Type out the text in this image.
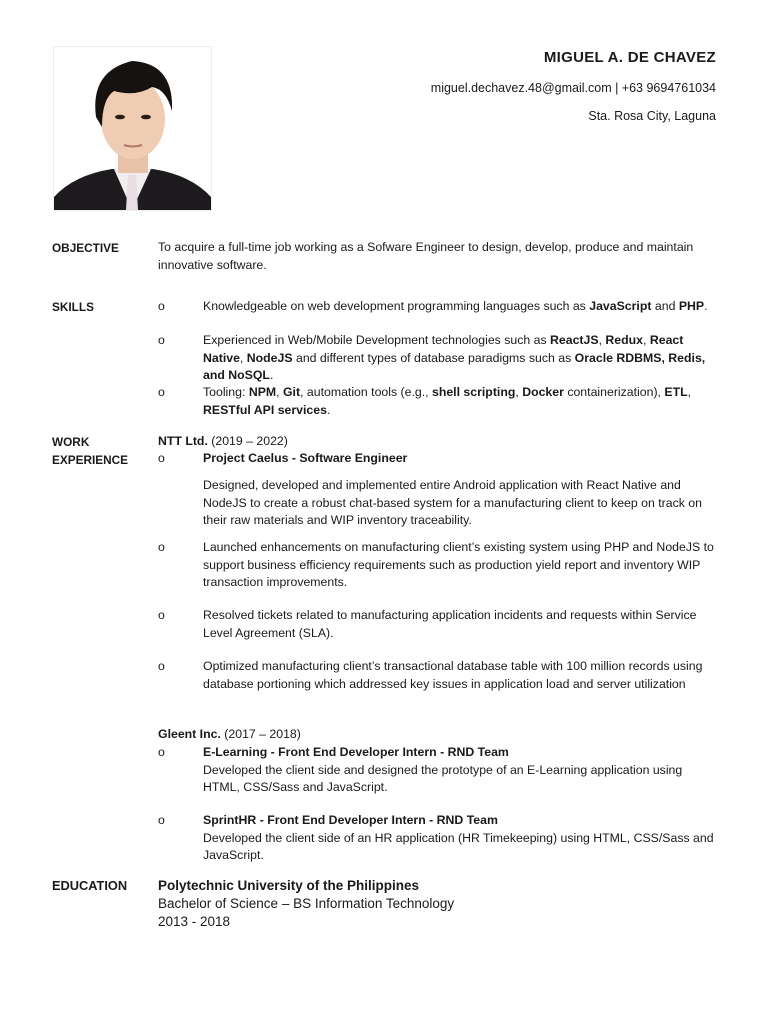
MIGUEL A. DE CHAVEZ
miguel.dechavez.48@gmail.com | +63 9694761034
Sta. Rosa City, Laguna
OBJECTIVE	To acquire a full-time job working as a Sofware Engineer to design, develop, produce and maintain innovative software.
SKILLS	o	Knowledgeable on web development programming languages such as JavaScript and PHP.
o	Experienced in Web/Mobile Development technologies such as ReactJS, Redux, React Native, NodeJS and different types of database paradigms such as Oracle RDBMS, Redis, and NoSQL.
o	Tooling: NPM, Git, automation tools (e.g., shell scripting, Docker containerization), ETL, RESTful API services.
WORK
EXPERIENCE
NTT Ltd. (2019 – 2022)
o	Project Caelus - Software Engineer
Designed, developed and implemented entire Android application with React Native and NodeJS to create a robust chat-based system for a manufacturing client to keep on track on their raw materials and WIP inventory traceability.
o	Launched enhancements on manufacturing client’s existing system using PHP and NodeJS to support business efficiency requirements such as production yield report and inventory WIP transaction improvements.
o	Resolved tickets related to manufacturing application incidents and requests within Service Level Agreement (SLA).
o	Optimized manufacturing client’s transactional database table with 100 million records using database portioning which addressed key issues in application load and server utilization
Gleent Inc. (2017 – 2018)
o	E-Learning - Front End Developer Intern - RND Team
Developed the client side and designed the prototype of an E-Learning application using HTML, CSS/Sass and JavaScript.
o	SprintHR - Front End Developer Intern - RND Team
Developed the client side of an HR application (HR Timekeeping) using HTML, CSS/Sass and JavaScript.
EDUCATION Polytechnic University of the Philippines
Bachelor of Science – BS Information Technology
2013 - 2018
